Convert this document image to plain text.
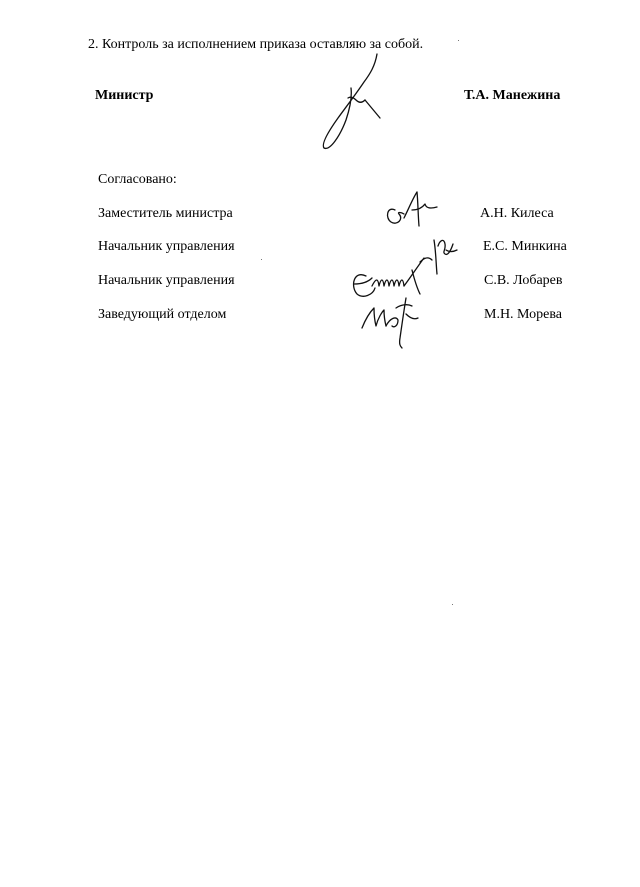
2. Контроль за исполнением приказа оставляю за собой.
Министр	Т.А. Манежина
Согласовано:
Заместитель министра	А.Н. Килеса
Начальник управления	Е.С. Минкина
Начальник управления	С.В. Лобарев
Заведующий отделом	М.Н. Морева
